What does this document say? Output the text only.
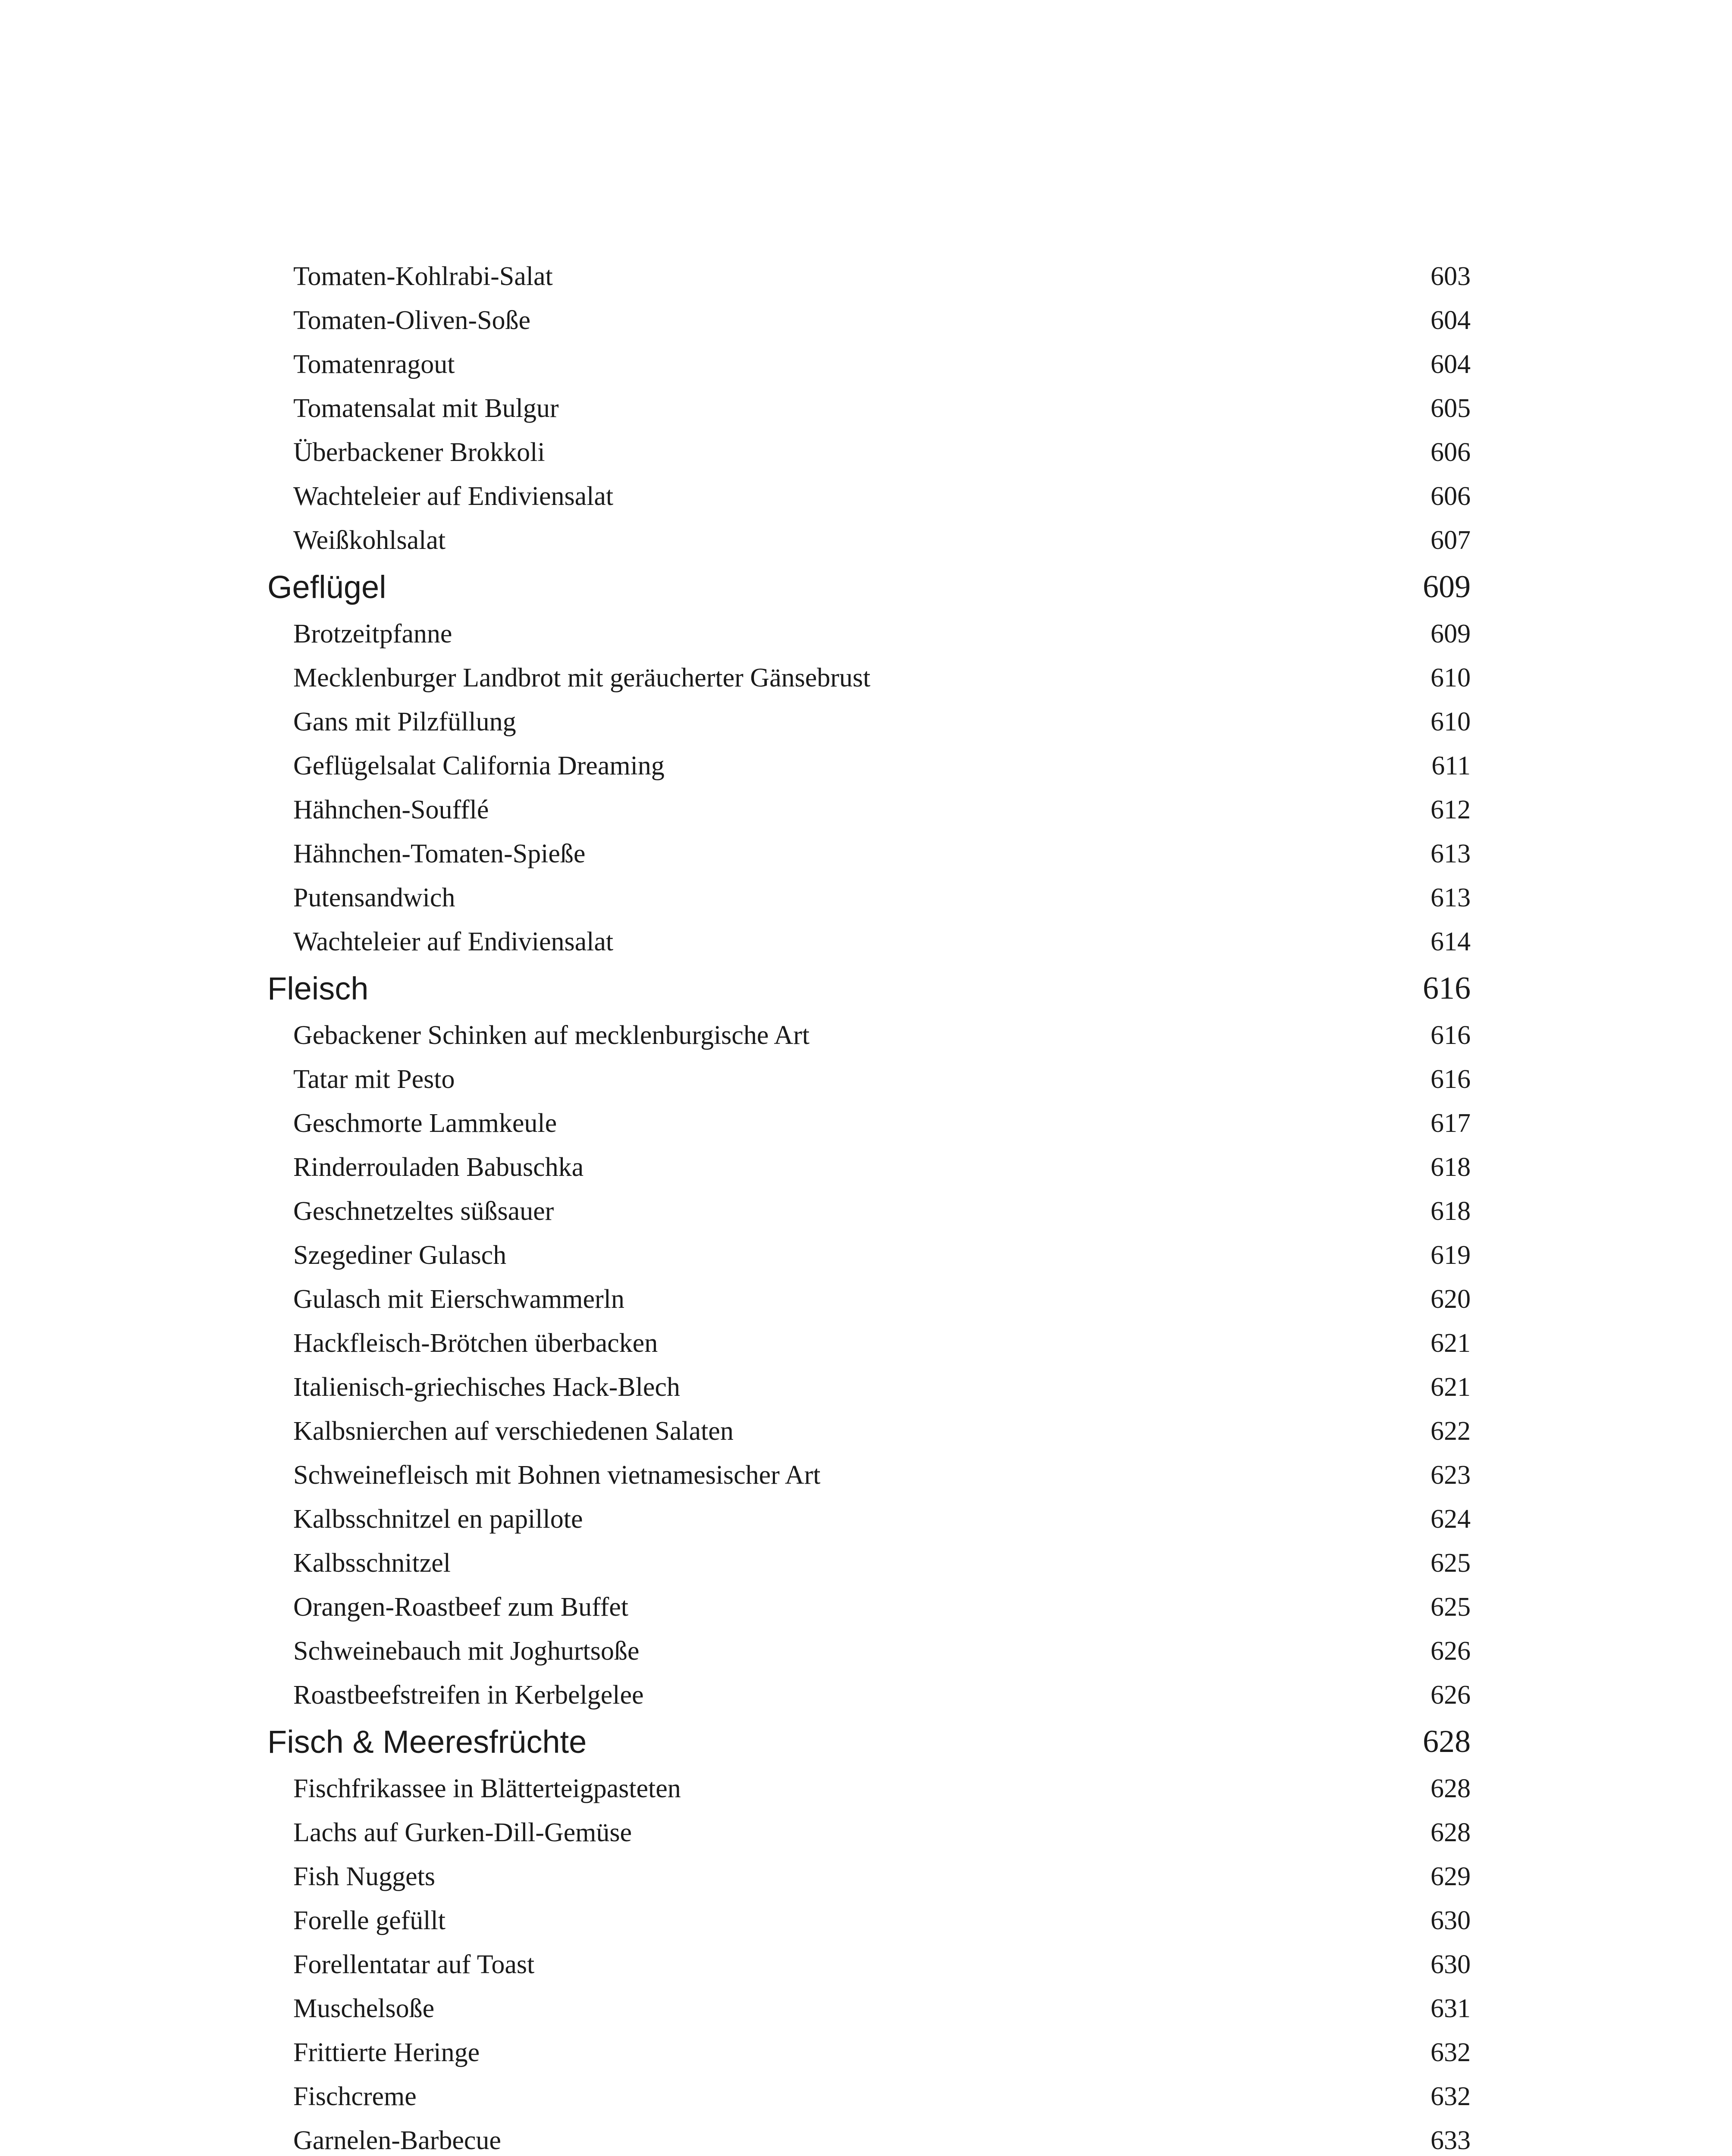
Tomaten-Kohlrabi-Salat	603
Tomaten-Oliven-Soße	604
Tomatenragout	604
Tomatensalat mit Bulgur	605
Überbackener Brokkoli	606
Wachteleier auf Endiviensalat	606
Weißkohlsalat	607
Geflügel	609
Brotzeitpfanne	609
Mecklenburger Landbrot mit geräucherter Gänsebrust	610
Gans mit Pilzfüllung	610
Geflügelsalat California Dreaming	611
Hähnchen-Soufflé	612
Hähnchen-Tomaten-Spieße	613
Putensandwich	613
Wachteleier auf Endiviensalat	614
Fleisch	616
Gebackener Schinken auf mecklenburgische Art	616
Tatar mit Pesto	616
Geschmorte Lammkeule	617
Rinderrouladen Babuschka	618
Geschnetzeltes süßsauer	618
Szegediner Gulasch	619
Gulasch mit Eierschwammerln	620
Hackfleisch-Brötchen überbacken	621
Italienisch-griechisches Hack-Blech	621
Kalbsnierchen auf verschiedenen Salaten	622
Schweinefleisch mit Bohnen vietnamesischer Art	623
Kalbsschnitzel en papillote	624
Kalbsschnitzel	625
Orangen-Roastbeef zum Buffet	625
Schweinebauch mit Joghurtsoße	626
Roastbeefstreifen in Kerbelgelee	626
Fisch & Meeresfrüchte	628
Fischfrikassee in Blätterteigpasteten	628
Lachs auf Gurken-Dill-Gemüse	628
Fish Nuggets	629
Forelle gefüllt	630
Forellentatar auf Toast	630
Muschelsoße	631
Frittierte Heringe	632
Fischcreme	632
Garnelen-Barbecue	633
